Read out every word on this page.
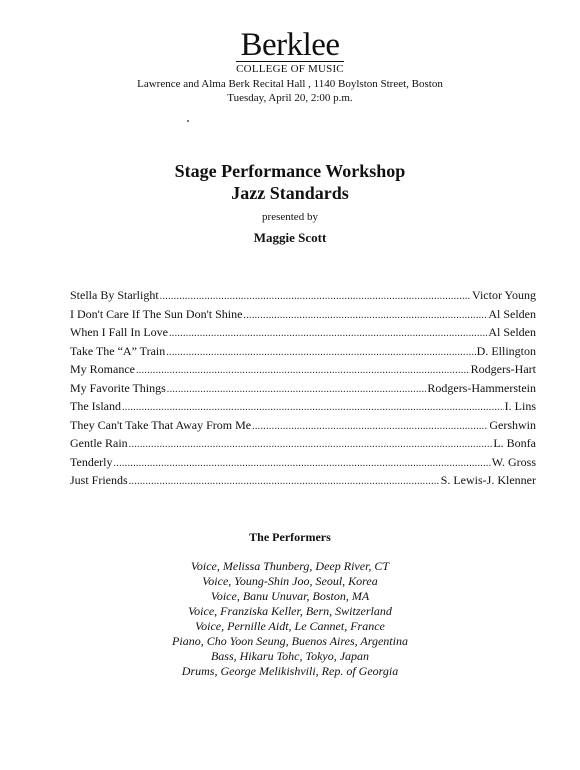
Berklee
COLLEGE OF MUSIC
Lawrence and Alma Berk Recital Hall , 1140 Boylston Street, Boston
Tuesday, April 20, 2:00 p.m.
Stage Performance Workshop
Jazz Standards
presented by
Maggie Scott
Stella By Starlight .....	Victor Young
I Don't Care If The Sun Don't Shine .....	Al Selden
When I Fall In Love .....	Al Selden
Take The “A” Train .....	D. Ellington
My Romance .....	Rodgers-Hart
My Favorite Things .....	Rodgers-Hammerstein
The Island .....	I. Lins
They Can't Take That Away From Me .....	Gershwin
Gentle Rain .....	L. Bonfa
Tenderly .....	W. Gross
Just Friends .....	S. Lewis-J. Klenner
The Performers
Voice, Melissa Thunberg, Deep River, CT
Voice, Young-Shin Joo, Seoul, Korea
Voice, Banu Unuvar, Boston, MA
Voice, Franziska Keller, Bern, Switzerland
Voice, Pernille Aidt, Le Cannet, France
Piano, Cho Yoon Seung, Buenos Aires, Argentina
Bass, Hikaru Tohc, Tokyo, Japan
Drums, George Melikishvili, Rep. of Georgia
